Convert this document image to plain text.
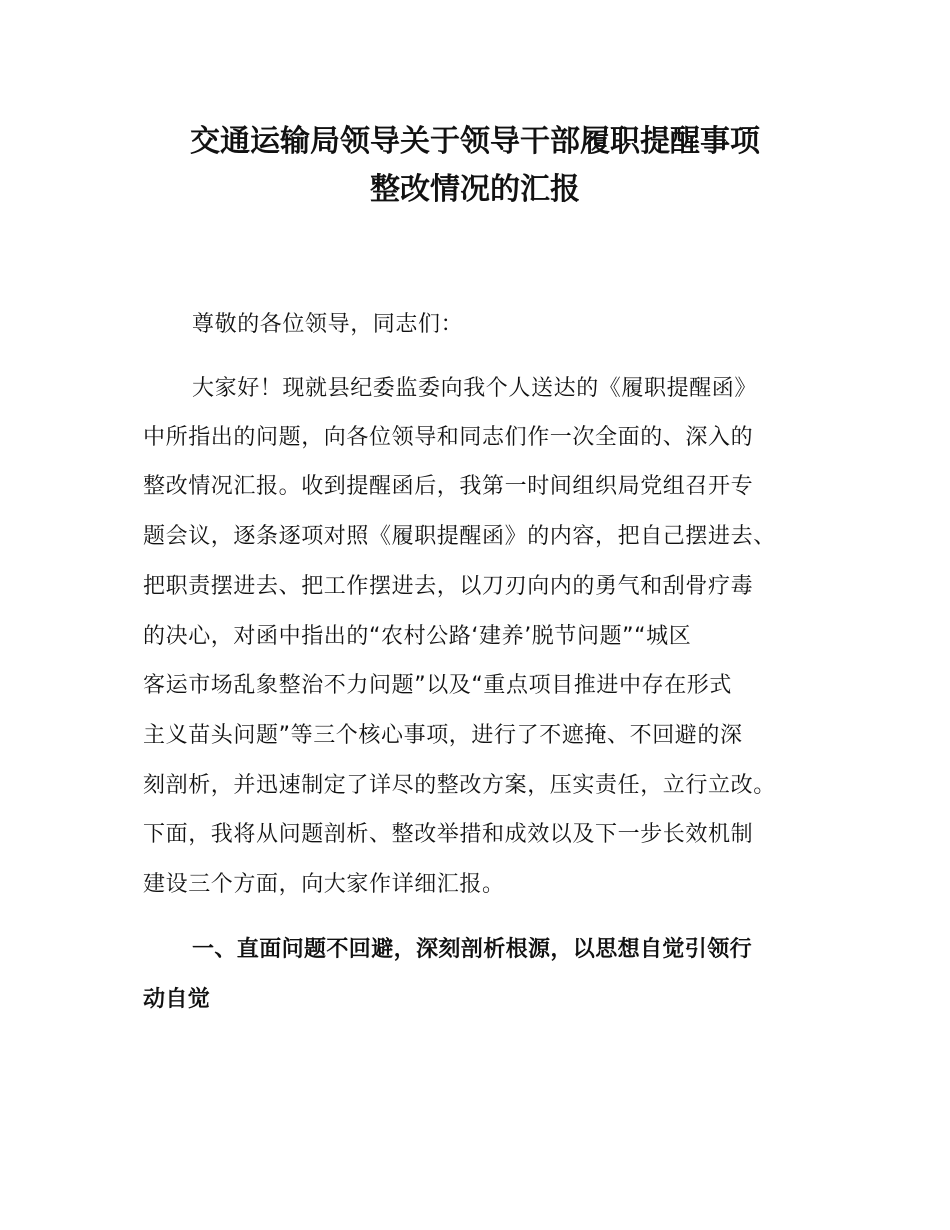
交通运输局领导关于领导干部履职提醒事项
整改情况的汇报

尊敬的各位领导，同志们：

大家好！现就县纪委监委向我个人送达的《履职提醒函》

中所指出的问题，向各位领导和同志们作一次全面的、深入的

整改情况汇报。收到提醒函后，我第一时间组织局党组召开专

题会议，逐条逐项对照《履职提醒函》的内容，把自己摆进去、

把职责摆进去、把工作摆进去，以刀刃向内的勇气和刮骨疗毒

的决心，对函中指出的“农村公路‘建养’脱节问题”“城区

客运市场乱象整治不力问题”以及“重点项目推进中存在形式

主义苗头问题”等三个核心事项，进行了不遮掩、不回避的深

刻剖析，并迅速制定了详尽的整改方案，压实责任，立行立改。

下面，我将从问题剖析、整改举措和成效以及下一步长效机制

建设三个方面，向大家作详细汇报。

一、直面问题不回避，深刻剖析根源，以思想自觉引领行

动自觉
